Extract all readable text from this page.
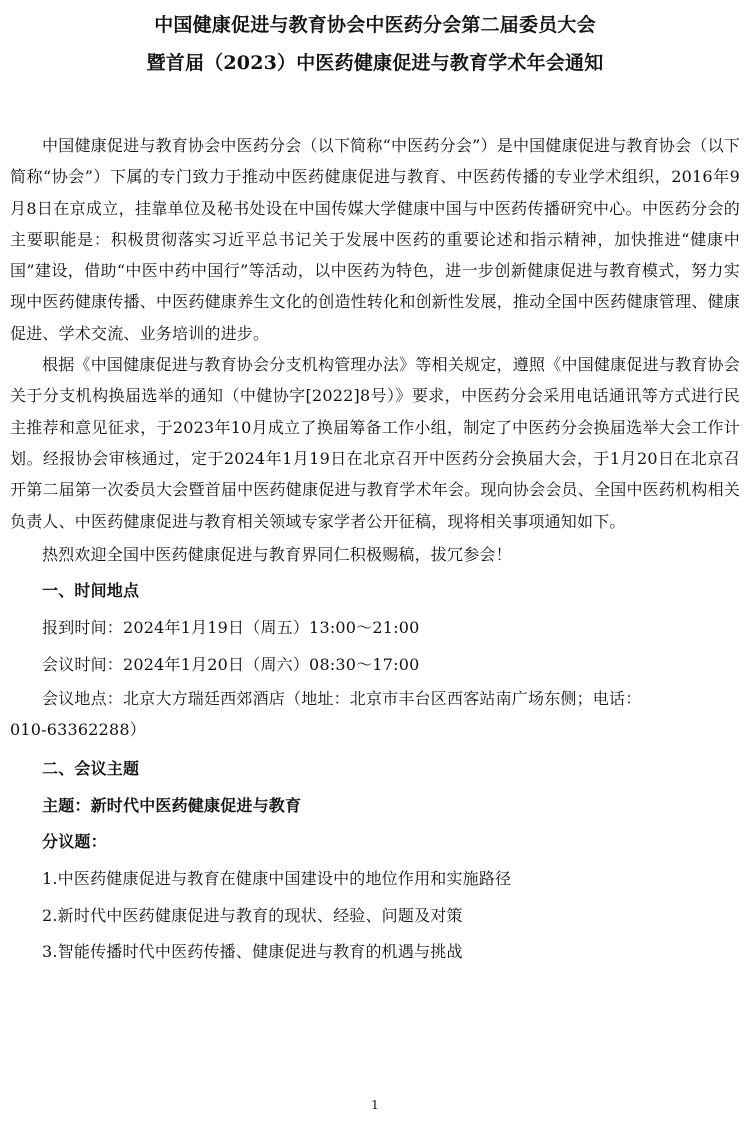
中国健康促进与教育协会中医药分会第二届委员大会

暨首届（2023）中医药健康促进与教育学术年会通知

中国健康促进与教育协会中医药分会（以下简称“中医药分会”）是中国健康促进与教育协会（以下简称“协会”）下属的专门致力于推动中医药健康促进与教育、中医药传播的专业学术组织，2016年9月8日在京成立，挂靠单位及秘书处设在中国传媒大学健康中国与中医药传播研究中心。中医药分会的主要职能是：积极贯彻落实习近平总书记关于发展中医药的重要论述和指示精神，加快推进“健康中国”建设，借助“中医中药中国行”等活动，以中医药为特色，进一步创新健康促进与教育模式，努力实现中医药健康传播、中医药健康养生文化的创造性转化和创新性发展，推动全国中医药健康管理、健康促进、学术交流、业务培训的进步。

根据《中国健康促进与教育协会分支机构管理办法》等相关规定，遵照《中国健康促进与教育协会关于分支机构换届选举的通知（中健协字[2022]8号）》要求，中医药分会采用电话通讯等方式进行民主推荐和意见征求，于2023年10月成立了换届筹备工作小组，制定了中医药分会换届选举大会工作计划。经报协会审核通过，定于2024年1月19日在北京召开中医药分会换届大会，于1月20日在北京召开第二届第一次委员大会暨首届中医药健康促进与教育学术年会。现向协会会员、全国中医药机构相关负责人、中医药健康促进与教育相关领域专家学者公开征稿，现将相关事项通知如下。

热烈欢迎全国中医药健康促进与教育界同仁积极赐稿，拔冗参会！

一、时间地点

报到时间：2024年1月19日（周五）13:00～21:00

会议时间：2024年1月20日（周六）08:30～17:00

会议地点：北京大方瑞廷西郊酒店（地址：北京市丰台区西客站南广场东侧；电话：

010-63362288）

二、会议主题

主题：新时代中医药健康促进与教育

分议题：

1.中医药健康促进与教育在健康中国建设中的地位作用和实施路径

2.新时代中医药健康促进与教育的现状、经验、问题及对策

3.智能传播时代中医药传播、健康促进与教育的机遇与挑战

1
